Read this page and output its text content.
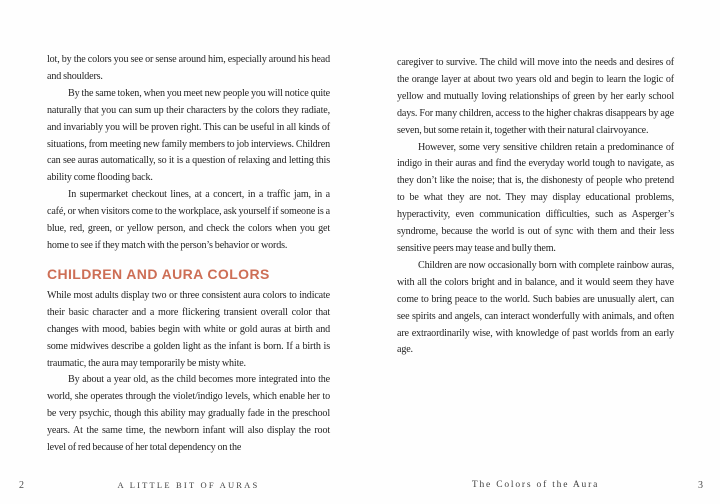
lot, by the colors you see or sense around him, especially around his head and shoulders.

By the same token, when you meet new people you will notice quite naturally that you can sum up their characters by the colors they radiate, and invariably you will be proven right. This can be useful in all kinds of situations, from meeting new family members to job interviews. Children can see auras automatically, so it is a question of relaxing and letting this ability come flooding back.

In supermarket checkout lines, at a concert, in a traffic jam, in a café, or when visitors come to the workplace, ask yourself if someone is a blue, red, green, or yellow person, and check the colors when you get home to see if they match with the person’s behavior or words.

CHILDREN AND AURA COLORS

While most adults display two or three consistent aura colors to indicate their basic character and a more flickering transient overall color that changes with mood, babies begin with white or gold auras at birth and some midwives describe a golden light as the infant is born. If a birth is traumatic, the aura may temporarily be misty white.

By about a year old, as the child becomes more integrated into the world, she operates through the violet/indigo levels, which enable her to be very psychic, though this ability may gradually fade in the preschool years. At the same time, the newborn infant will also display the root level of red because of her total dependency on the

caregiver to survive. The child will move into the needs and desires of the orange layer at about two years old and begin to learn the logic of yellow and mutually loving relationships of green by her early school days. For many children, access to the higher chakras disappears by age seven, but some retain it, together with their natural clairvoyance.

However, some very sensitive children retain a predominance of indigo in their auras and find the everyday world tough to navigate, as they don’t like the noise; that is, the dishonesty of people who pretend to be what they are not. They may display educational problems, hyperactivity, even communication difficulties, such as Asperger’s syndrome, because the world is out of sync with them and their less sensitive peers may tease and bully them.

Children are now occasionally born with complete rainbow auras, with all the colors bright and in balance, and it would seem they have come to bring peace to the world. Such babies are unusually alert, can see spirits and angels, can interact wonderfully with animals, and often are extraordinarily wise, with knowledge of past worlds from an early age.

2	A LITTLE BIT OF AURAS	The Colors of the Aura	3
